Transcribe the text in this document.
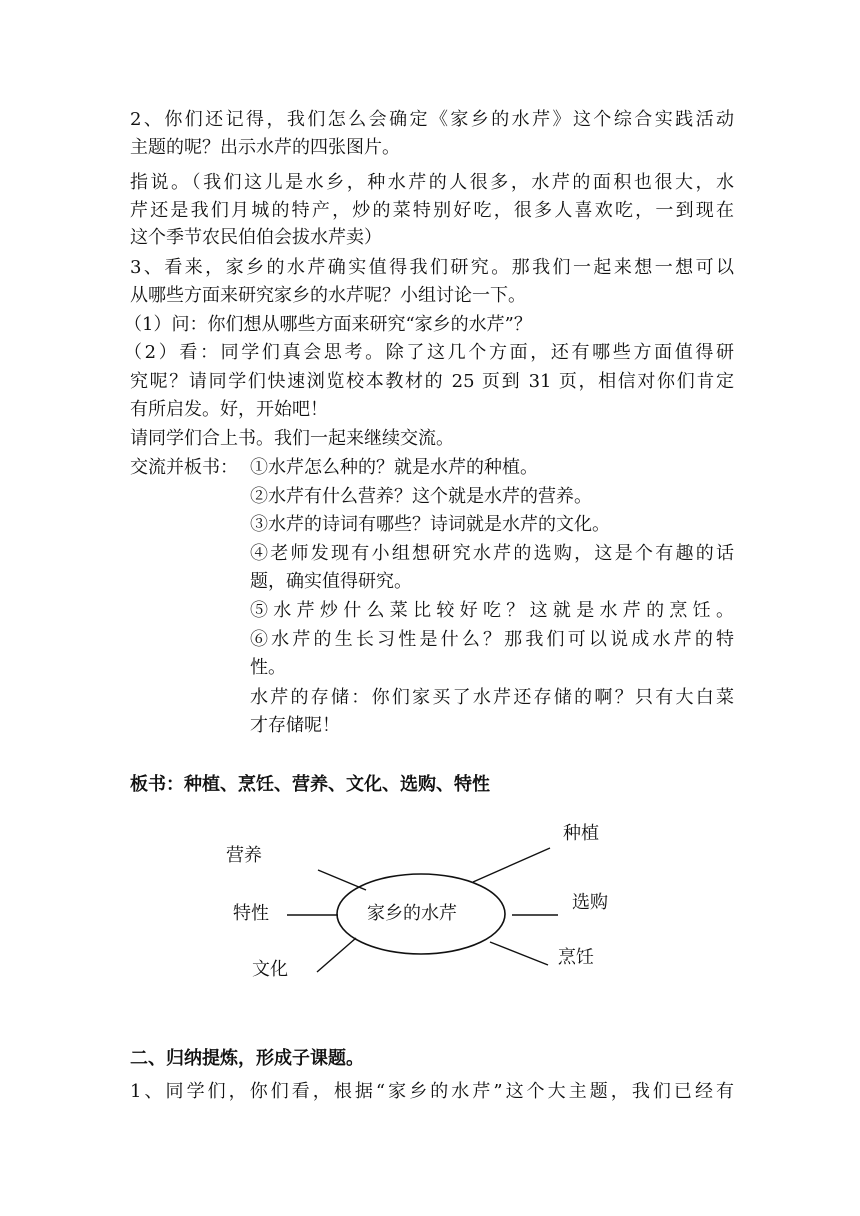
2、你们还记得，我们怎么会确定《家乡的水芹》这个综合实践活动
主题的呢？出示水芹的四张图片。
指说。（我们这儿是水乡，种水芹的人很多，水芹的面积也很大，水
芹还是我们月城的特产，炒的菜特别好吃，很多人喜欢吃，一到现在
这个季节农民伯伯会拔水芹卖）
3、看来，家乡的水芹确实值得我们研究。那我们一起来想一想可以
从哪些方面来研究家乡的水芹呢？小组讨论一下。
（1）问：你们想从哪些方面来研究“家乡的水芹”？
（2）看：同学们真会思考。除了这几个方面，还有哪些方面值得研
究呢？请同学们快速浏览校本教材的 25 页到 31 页，相信对你们肯定
有所启发。好，开始吧！
请同学们合上书。我们一起来继续交流。
交流并板书： ①水芹怎么种的？就是水芹的种植。
②水芹有什么营养？这个就是水芹的营养。
③水芹的诗词有哪些？诗词就是水芹的文化。
④老师发现有小组想研究水芹的选购，这是个有趣的话
题，确实值得研究。
⑤水芹炒什么菜比较好吃？这就是水芹的烹饪。
⑥水芹的生长习性是什么？那我们可以说成水芹的特
性。
水芹的存储：你们家买了水芹还存储的啊？只有大白菜
才存储呢！
板书：种植、烹饪、营养、文化、选购、特性
家乡的水芹
营养
种植
特性
选购
文化
烹饪
二、归纳提炼，形成子课题。
1、同学们，你们看，根据“家乡的水芹”这个大主题，我们已经有
